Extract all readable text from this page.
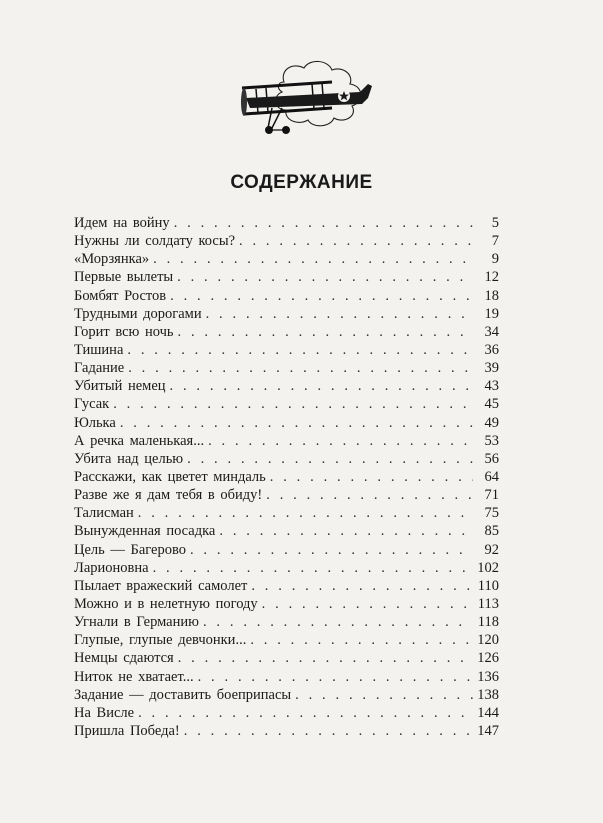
СОДЕРЖАНИЕ
Идем на войну . . .	5
Нужны ли солдату косы? . . .	7
«Морзянка» . . .	9
Первые вылеты . . .	12
Бомбят Ростов . . .	18
Трудными дорогами . . .	19
Горит всю ночь . . .	34
Тишина . . .	36
Гадание . . .	39
Убитый немец . . .	43
Гусак . . .	45
Юлька . . .	49
А речка маленькая... . . .	53
Убита над целью . . .	56
Расскажи, как цветет миндаль . . .	64
Разве же я дам тебя в обиду! . . .	71
Талисман . . .	75
Вынужденная посадка . . .	85
Цель — Багерово . . .	92
Ларионовна . . .	102
Пылает вражеский самолет . . .	110
Можно и в нелетную погоду . . .	113
Угнали в Германию . . .	118
Глупые, глупые девчонки... . . .	120
Немцы сдаются . . .	126
Ниток не хватает... . . .	136
Задание — доставить боеприпасы . . .	138
На Висле . . .	144
Пришла Победа! . . .	147
